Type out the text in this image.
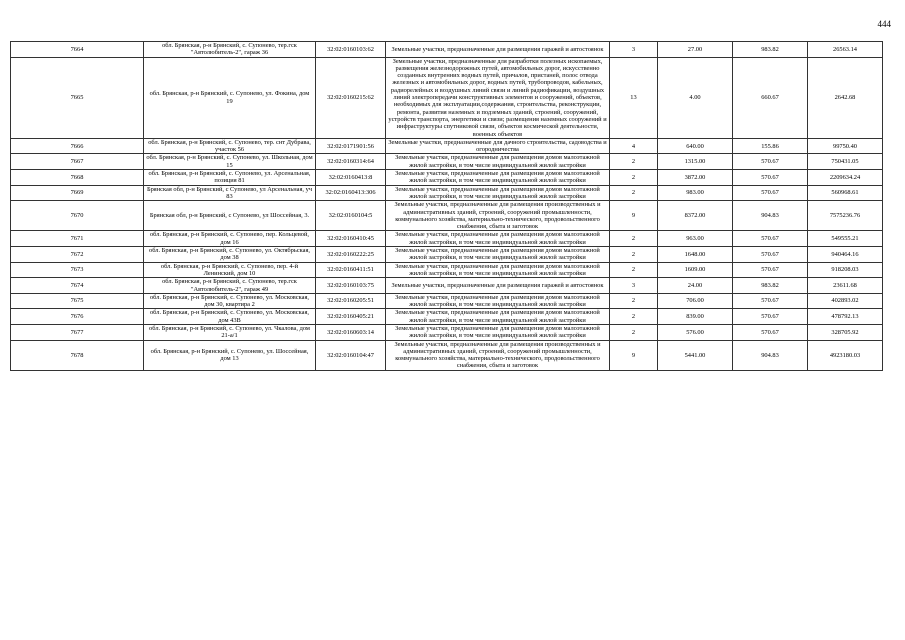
444
7664	обл. Брянская, р-н Брянский, с. Супонево, тер.гск "Автолюбитель-2", гараж 36	32:02:0160103:62	Земельные участки, предназначенные для размещения гаражей и автостоянок	3	27.00	983.82	26563.14
7665	обл. Брянская, р-н Брянский, с. Супонево, ул. Фокина, дом 19	32:02:0160215:62	Земельные участки, предназначенные для разработки полезных ископаемых, размещения железнодорожных путей, автомобильных дорог, искусственно созданных внутренних водных путей, причалов, пристаней, полос отвода железных и автомобильных дорог, водных путей, трубопроводов, кабельных, радиорелейных и воздушных линий связи и линий радиофикации, воздушных линий электропередачи конструктивных элементов и сооружений, объектов, необходимых для эксплуатации,содержания, строительства, реконструкции, ремонта, развития наземных и подземных зданий, строений, сооружений, устройств транспорта, энергетики и связи; размещения наземных сооружений и инфраструктуры спутниковой связи, объектов космической деятельности, военных объектов	13	4.00	660.67	2642.68
7666	обл. Брянская, р-н Брянский, с. Супонево, тер. снт Дубрава, участок 56	32:02:0171901:56	Земельные участки, предназначенные для дачного строительства, садоводства и огородничества	4	640.00	155.86	99750.40
7667	обл. Брянская, р-н Брянский, с. Супонево, ул. Школьная, дом 15	32:02:0160314:64	Земельные участки, предназначенные для размещения домов малоэтажной жилой застройки, в том числе индивидуальной жилой застройки	2	1315.00	570.67	750431.05
7668	обл. Брянская, р-н Брянский, с. Супонево, ул. Арсенальная, позиция 81	32:02:0160413:8	Земельные участки, предназначенные для размещения домов малоэтажной жилой застройки, в том числе индивидуальной жилой застройки	2	3872.00	570.67	2209634.24
7669	Брянская обл, р-н Брянский, с Супонево, ул Арсенальная, уч 83	32:02:0160413:306	Земельные участки, предназначенные для размещения домов малоэтажной жилой застройки, в том числе индивидуальной жилой застройки	2	983.00	570.67	560968.61
7670	Брянская обл, р-н Брянский, с Супонево, ул Шоссейная, 3.	32:02:0160104:5	Земельные участки, предназначенные для размещения производственных и административных зданий, строений, сооружений промышленности, коммунального хозяйства, материально-технического, продовольственного снабжения, сбыта и заготовок	9	8372.00	904.83	7575236.76
7671	обл. Брянская, р-н Брянский, с. Супонево, пер. Кольцевой, дом 16	32:02:0160410:45	Земельные участки, предназначенные для размещения домов малоэтажной жилой застройки, в том числе индивидуальной жилой застройки	2	963.00	570.67	549555.21
7672	обл. Брянская, р-н Брянский, с. Супонево, ул. Октябрьская, дом 38	32:02:0160222:25	Земельные участки, предназначенные для размещения домов малоэтажной жилой застройки, в том числе индивидуальной жилой застройки	2	1648.00	570.67	940464.16
7673	обл. Брянская, р-н Брянский, с. Супонево, пер. 4-й Ленинский, дом 10	32:02:0160411:51	Земельные участки, предназначенные для размещения домов малоэтажной жилой застройки, в том числе индивидуальной жилой застройки	2	1609.00	570.67	918208.03
7674	обл. Брянская, р-н Брянский, с. Супонево, тер.гск "Автолюбитель-2", гараж 49	32:02:0160103:75	Земельные участки, предназначенные для размещения гаражей и автостоянок	3	24.00	983.82	23611.68
7675	обл. Брянская, р-н Брянский, с. Супонево, ул. Московская, дом 30, квартира 2	32:02:0160205:51	Земельные участки, предназначенные для размещения домов малоэтажной жилой застройки, в том числе индивидуальной жилой застройки	2	706.00	570.67	402893.02
7676	обл. Брянская, р-н Брянский, с. Супонево, ул. Московская, дом 43В	32:02:0160405:21	Земельные участки, предназначенные для размещения домов малоэтажной жилой застройки, в том числе индивидуальной жилой застройки	2	839.00	570.67	478792.13
7677	обл. Брянская, р-н Брянский, с. Супонево, ул. Чкалова, дом 21-а/1	32:02:0160603:14	Земельные участки, предназначенные для размещения домов малоэтажной жилой застройки, в том числе индивидуальной жилой застройки	2	576.00	570.67	328705.92
7678	обл. Брянская, р-н Брянский, с. Супонево, ул. Шоссейная, дом 13	32:02:0160104:47	Земельные участки, предназначенные для размещения производственных и административных зданий, строений, сооружений промышленности, коммунального хозяйства, материально-технического, продовольственного снабжения, сбыта и заготовок	9	5441.00	904.83	4923180.03
